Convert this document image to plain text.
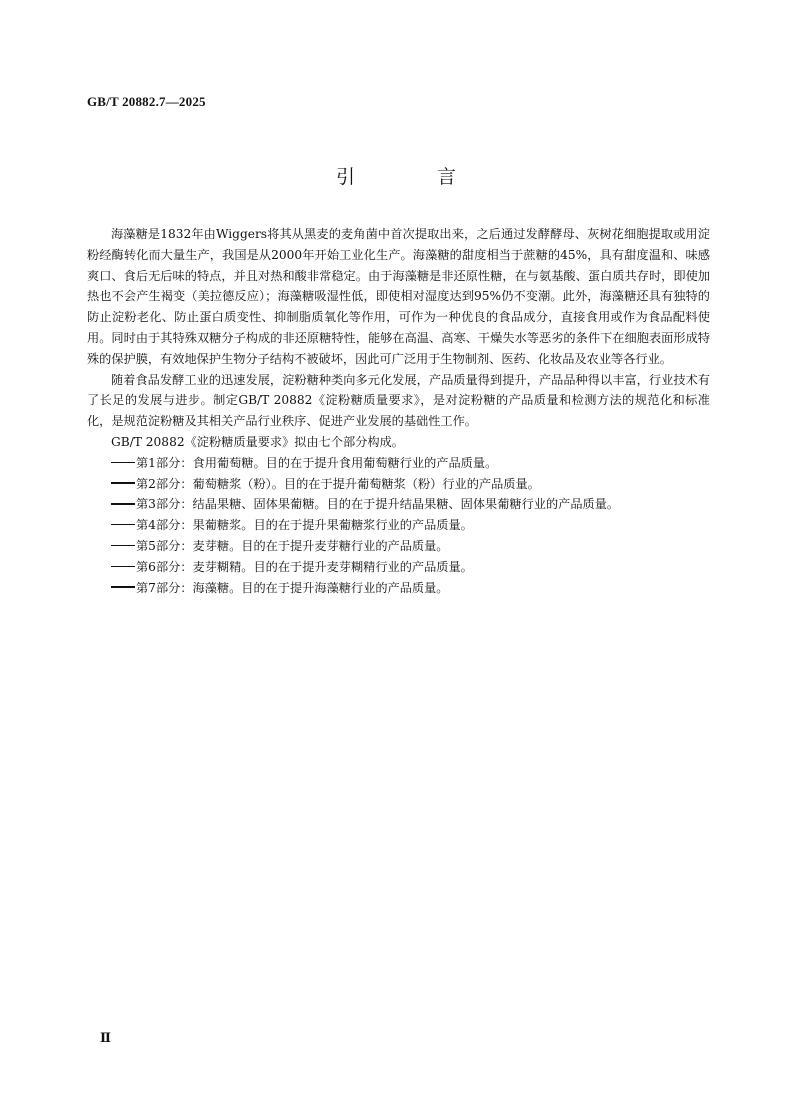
GB/T 20882.7—2025
引 言

海藻糖是1832年由Wiggers将其从黑麦的麦角菌中首次提取出来，之后通过发酵酵母、灰树花细胞提取或用淀粉经酶转化而大量生产，我国是从2000年开始工业化生产。海藻糖的甜度相当于蔗糖的45%，具有甜度温和、味感爽口、食后无后味的特点，并且对热和酸非常稳定。由于海藻糖是非还原性糖，在与氨基酸、蛋白质共存时，即使加热也不会产生褐变（美拉德反应）；海藻糖吸湿性低，即使相对湿度达到95%仍不变潮。此外，海藻糖还具有独特的防止淀粉老化、防止蛋白质变性、抑制脂质氧化等作用，可作为一种优良的食品成分，直接食用或作为食品配料使用。同时由于其特殊双糖分子构成的非还原糖特性，能够在高温、高寒、干燥失水等恶劣的条件下在细胞表面形成特殊的保护膜，有效地保护生物分子结构不被破坏，因此可广泛用于生物制剂、医药、化妆品及农业等各行业。

随着食品发酵工业的迅速发展，淀粉糖种类向多元化发展，产品质量得到提升，产品品种得以丰富，行业技术有了长足的发展与进步。制定GB/T 20882《淀粉糖质量要求》，是对淀粉糖的产品质量和检测方法的规范化和标准化，是规范淀粉糖及其相关产品行业秩序、促进产业发展的基础性工作。

GB/T 20882《淀粉糖质量要求》拟由七个部分构成。

第1部分：食用葡萄糖。目的在于提升食用葡萄糖行业的产品质量。
第2部分：葡萄糖浆（粉）。目的在于提升葡萄糖浆（粉）行业的产品质量。
第3部分：结晶果糖、固体果葡糖。目的在于提升结晶果糖、固体果葡糖行业的产品质量。
第4部分：果葡糖浆。目的在于提升果葡糖浆行业的产品质量。
第5部分：麦芽糖。目的在于提升麦芽糖行业的产品质量。
第6部分：麦芽糊精。目的在于提升麦芽糊精行业的产品质量。
第7部分：海藻糖。目的在于提升海藻糖行业的产品质量。
Ⅱ
